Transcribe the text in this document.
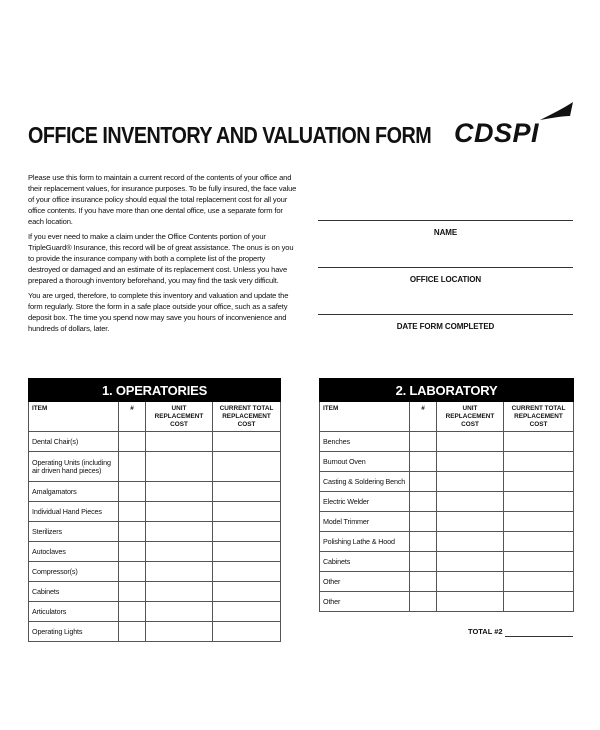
OFFICE INVENTORY AND VALUATION FORM CDSPI

Please use this form to maintain a current record of the contents of your office and their replacement values, for insurance purposes. To be fully insured, the face value of your office insurance policy should equal the total replacement cost for all your office contents. If you have more than one dental office, use a separate form for each location.

If you ever need to make a claim under the Office Contents portion of your TripleGuard® Insurance, this record will be of great assistance. The onus is on you to provide the insurance company with both a complete list of the property destroyed or damaged and an estimate of its replacement cost. Unless you have prepared a thorough inventory beforehand, you may find the task very difficult.

You are urged, therefore, to complete this inventory and valuation and update the form regularly. Store the form in a safe place outside your office, such as a safety deposit box. The time you spend now may save you hours of inconvenience and hundreds of dollars, later.

NAME
OFFICE LOCATION
DATE FORM COMPLETED
1. OPERATORIES			
ITEM	#	UNIT REPLACEMENT COST	CURRENT TOTAL REPLACEMENT COST
Dental Chair(s)			
Operating Units (including air driven hand pieces)			
Amalgamators			
Individual Hand Pieces			
Sterilizers			
Autoclaves			
Compressor(s)			
Cabinets			
Articulators			
Operating Lights			
2. LABORATORY			
ITEM	#	UNIT REPLACEMENT COST	CURRENT TOTAL REPLACEMENT COST
Benches			
Burnout Oven			
Casting & Soldering Bench			
Electric Welder			
Model Trimmer			
Polishing Lathe & Hood			
Cabinets			
Other			
Other			
TOTAL #2
